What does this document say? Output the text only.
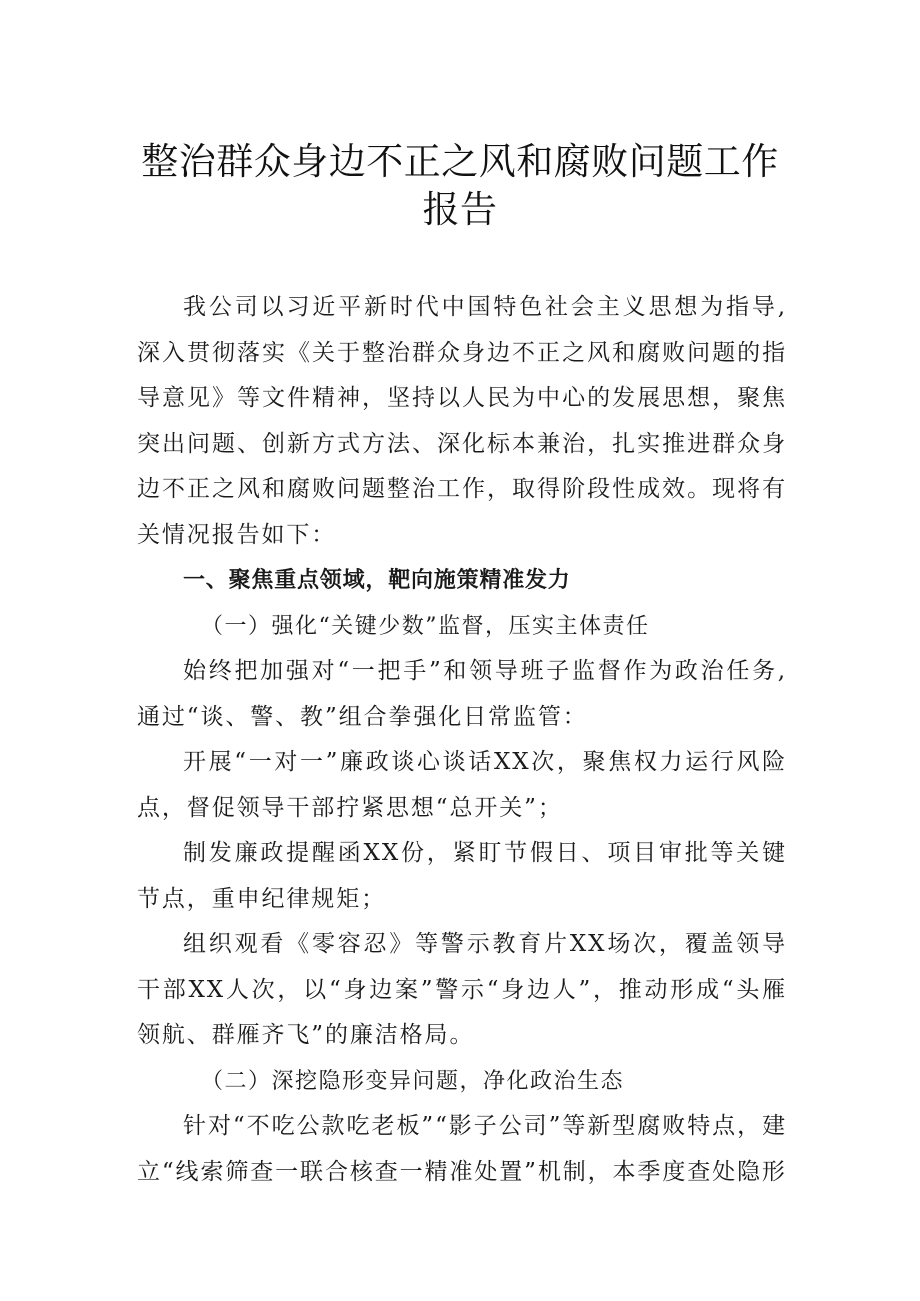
整治群众身边不正之风和腐败问题工作报告

我公司以习近平新时代中国特色社会主义思想为指导,深入贯彻落实《关于整治群众身边不正之风和腐败问题的指导意见》等文件精神，坚持以人民为中心的发展思想，聚焦突出问题、创新方式方法、深化标本兼治，扎实推进群众身边不正之风和腐败问题整治工作，取得阶段性成效。现将有关情况报告如下：

一、聚焦重点领域，靶向施策精准发力

（一）强化“关键少数”监督，压实主体责任

始终把加强对“一把手”和领导班子监督作为政治任务,通过“谈、警、教”组合拳强化日常监管：

开展“一对一”廉政谈心谈话XX次，聚焦权力运行风险点，督促领导干部拧紧思想“总开关”；

制发廉政提醒函XX份，紧盯节假日、项目审批等关键节点，重申纪律规矩；

组织观看《零容忍》等警示教育片XX场次，覆盖领导干部XX人次，以“身边案”警示“身边人”，推动形成“头雁领航、群雁齐飞”的廉洁格局。

（二）深挖隐形变异问题，净化政治生态

针对“不吃公款吃老板”“影子公司”等新型腐败特点，建立“线索筛查一联合核查一精准处置”机制，本季度查处隐形
